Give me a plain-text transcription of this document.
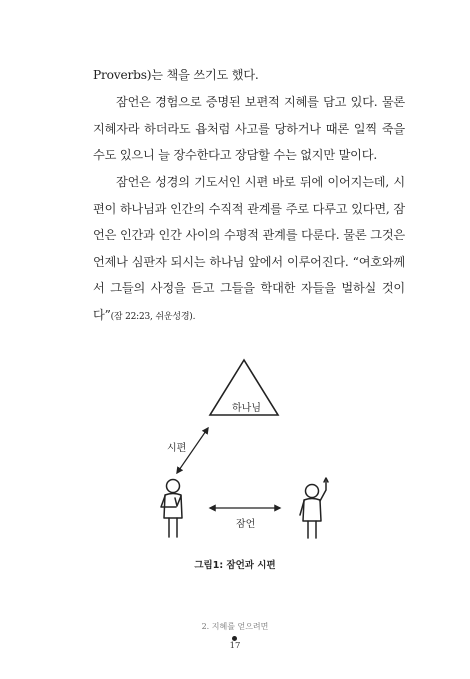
Proverbs)는 책을 쓰기도 했다.

잠언은 경험으로 증명된 보편적 지혜를 담고 있다. 물론 지혜자라 하더라도 욥처럼 사고를 당하거나 때론 일찍 죽을 수도 있으니 늘 장수한다고 장담할 수는 없지만 말이다.

잠언은 성경의 기도서인 시편 바로 뒤에 이어지는데, 시편이 하나님과 인간의 수직적 관계를 주로 다루고 있다면, 잠언은 인간과 인간 사이의 수평적 관계를 다룬다. 물론 그것은 언제나 심판자 되시는 하나님 앞에서 이루어진다. “여호와께서 그들의 사정을 듣고 그들을 학대한 자들을 벌하실 것이다”(잠 22:23, 쉬운성경).

하나님
시편
잠언
그림1: 잠언과 시편
2. 지혜를 얻으려면
17
